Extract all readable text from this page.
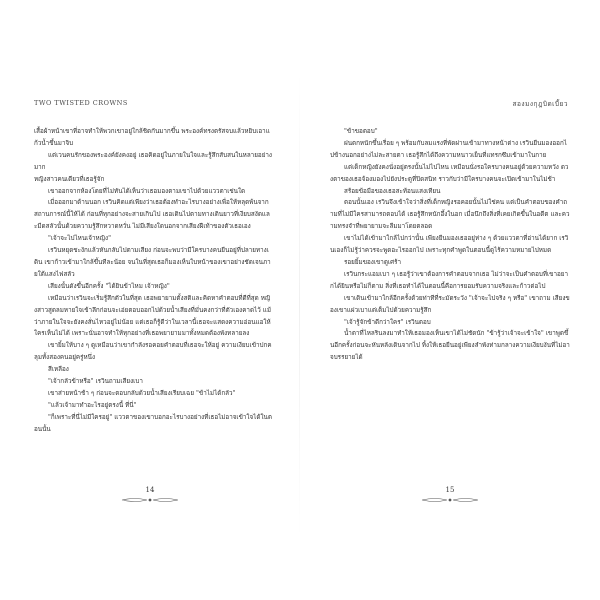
TWO TWISTED CROWNS

เสื้อผ้าหน้าเขาที่อาจทำให้พวกเขาอยู่ใกล้ชิดกันมากขึ้น พระองค์ทรงตรัสจบแล้วหยิบเอาแก้วน้ำขึ้นมาจิบ

แต่เวนคนรักของพระองค์ยังคงอยู่ เธอคิดอยู่ในภายในใจและรู้สึกสับสนในหลายอย่างมาก

หญิงสาวคนเดียวที่เธอรู้จัก

เขาออกจากห้องโดยที่ไม่ทันได้เห็นว่าเธอมองตามเขาไปด้วยแววตาเช่นใด

เมื่อออกมาด้านนอก เรวินคิดแต่เพียงว่าเธอต้องทำอะไรบางอย่างเพื่อให้หลุดพ้นจากสถานการณ์นี้ให้ได้ ก่อนที่ทุกอย่างจะสายเกินไป เธอเดินไปตามทางเดินยาวที่เงียบสงัดและมืดสลัวนั้นด้วยความรู้สึกหวาดหวั่น ไม่มีเสียงใดนอกจากเสียงฝีเท้าของตัวเธอเอง

"เจ้าจะไปไหนเจ้าหญิง"

เรวินหยุดชะงักแล้วหันกลับไปตามเสียง ก่อนจะพบว่ามีใครบางคนยืนอยู่ที่ปลายทางเดิน เขาก้าวเข้ามาใกล้ขึ้นทีละน้อย จนในที่สุดเธอก็มองเห็นใบหน้าของเขาอย่างชัดเจนภายใต้แสงไฟสลัว

เสียงนั้นดังขึ้นอีกครั้ง "ได้ยินข้าไหม เจ้าหญิง"

เหมือนว่าเรวินจะเริ่มรู้สึกตัวในที่สุด เธอพยายามตั้งสติและคิดหาคำตอบที่ดีที่สุด หญิงสาวสูดลมหายใจเข้าลึกก่อนจะเอ่ยตอบออกไปด้วยน้ำเสียงที่มั่นคงกว่าที่ตัวเองคาดไว้ แม้ว่าภายในใจจะยังคงสั่นไหวอยู่ไม่น้อย แต่เธอก็รู้ดีว่าในเวลานี้เธอจะแสดงความอ่อนแอให้ใครเห็นไม่ได้ เพราะนั่นอาจทำให้ทุกอย่างที่เธอพยายามมาทั้งหมดต้องพังทลายลง

เขายิ้มให้บาง ๆ ดูเหมือนว่าเขากำลังรอคอยคำตอบที่เธอจะให้อยู่ ความเงียบเข้าปกคลุมทั้งสองคนอยู่ครู่หนึ่ง

สีเหลือง

"เจ้ากลัวข้าหรือ" เรวินถามเสียงเบา

เขาส่ายหน้าช้า ๆ ก่อนจะตอบกลับด้วยน้ำเสียงเรียบเฉย "ข้าไม่ได้กลัว"

"แล้วเจ้ามาทำอะไรอยู่ตรงนี้ ที่นี่"

"ก็เพราะที่นี่ไม่มีใครอยู่" แววตาของเขาบอกอะไรบางอย่างที่เธอไม่อาจเข้าใจได้ในตอนนั้น

14
สองมงกุฎบิดเบี้ยว

"ข้าขอตอบ"

ฝนตกหนักขึ้นเรื่อย ๆ พร้อมกับลมแรงที่พัดผ่านเข้ามาทางหน้าต่าง เรวินยืนมองออกไปข้างนอกอย่างไม่ละสายตา เธอรู้สึกได้ถึงความหนาวเย็นที่แทรกซึมเข้ามาในกาย

แต่เด็กหญิงยังคงนั่งอยู่ตรงนั้นไม่ไปไหน เหมือนนั่งรอใครบางคนอยู่ด้วยความหวัง ดวงตาของเธอจ้องมองไปยังประตูที่ปิดสนิท ราวกับว่ามีใครบางคนจะเปิดเข้ามาในไม่ช้า

สร้อยข้อมือของเธอสะท้อนแสงเทียน

ตอนนั้นเอง เรวินจึงเข้าใจว่าสิ่งที่เด็กหญิงรอคอยนั้นไม่ใช่คน แต่เป็นคำตอบของคำถามที่ไม่มีใครสามารถตอบได้ เธอรู้สึกหนักอึ้งในอก เมื่อนึกถึงสิ่งที่เคยเกิดขึ้นในอดีต และความทรงจำที่พยายามจะลืมมาโดยตลอด

เขาไม่ได้เข้ามาใกล้ไปกว่านั้น เพียงยืนมองเธออยู่ห่าง ๆ ด้วยแววตาที่อ่านได้ยาก เรวินเองก็ไม่รู้ว่าควรจะพูดอะไรออกไป เพราะทุกคำพูดในตอนนี้ดูไร้ความหมายไปหมด

รอยยิ้มของเขาดูเศร้า

เรวินกระแอมเบา ๆ เธอรู้ว่าเขาต้องการคำตอบจากเธอ ไม่ว่าจะเป็นคำตอบที่เขาอยากได้ยินหรือไม่ก็ตาม สิ่งที่เธอทำได้ในตอนนี้คือการยอมรับความจริงและก้าวต่อไป

เขาเดินเข้ามาใกล้อีกครั้งด้วยท่าทีที่ระมัดระวัง "เจ้าจะไปจริง ๆ หรือ" เขาถาม เสียงของเขาแผ่วเบาแต่เต็มไปด้วยความรู้สึก

"เจ้ารู้จักข้าดีกว่าใคร" เรวินตอบ

น้ำตาที่ไหลรินลงมาทำให้เธอมองเห็นเขาได้ไม่ชัดนัก "ข้ารู้ว่าเจ้าจะเข้าใจ" เขาพูดขึ้นอีกครั้งก่อนจะหันหลังเดินจากไป ทิ้งให้เธอยืนอยู่เพียงลำพังท่ามกลางความเงียบงันที่ไม่อาจบรรยายได้

15
